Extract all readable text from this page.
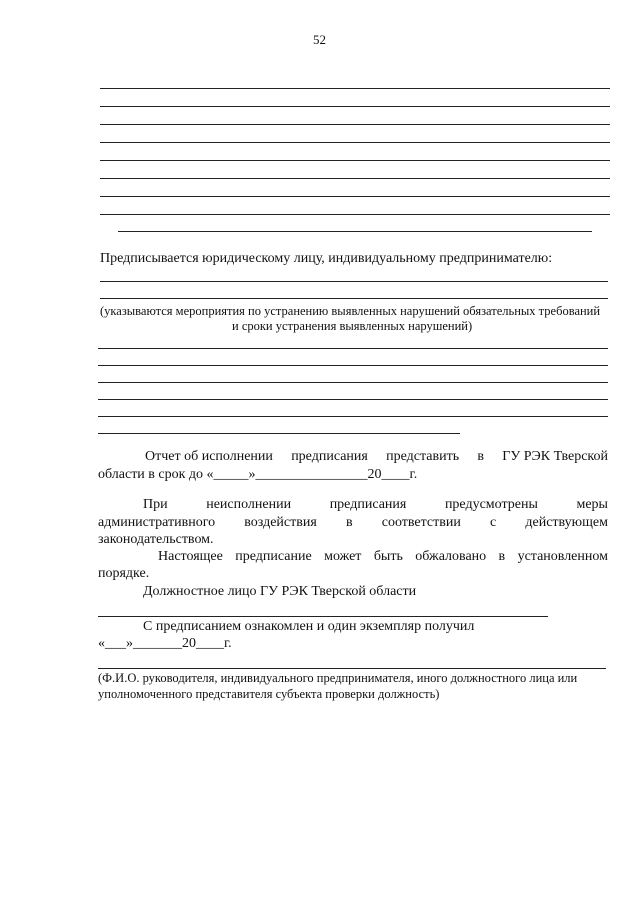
52
Предписывается юридическому лицу, индивидуальному предпринимателю:
(указываются мероприятия по устранению выявленных нарушений обязательных требований
и сроки устранения выявленных нарушений)
Отчет об исполнении предписания представить в ГУ РЭК Тверской
области в срок до «_____»________________20____г.
При	неисполнении	предписания	предусмотрены	меры
административного воздействия в соответствии с действующем
законодательством.
Настоящее предписание может быть обжаловано в установленном
порядке.
Должностное лицо ГУ РЭК Тверской области
С предписанием ознакомлен и один экземпляр получил
«___»_______20____г.
(Ф.И.О. руководителя, индивидуального предпринимателя, иного должностного лица или
уполномоченного представителя субъекта проверки должность)
